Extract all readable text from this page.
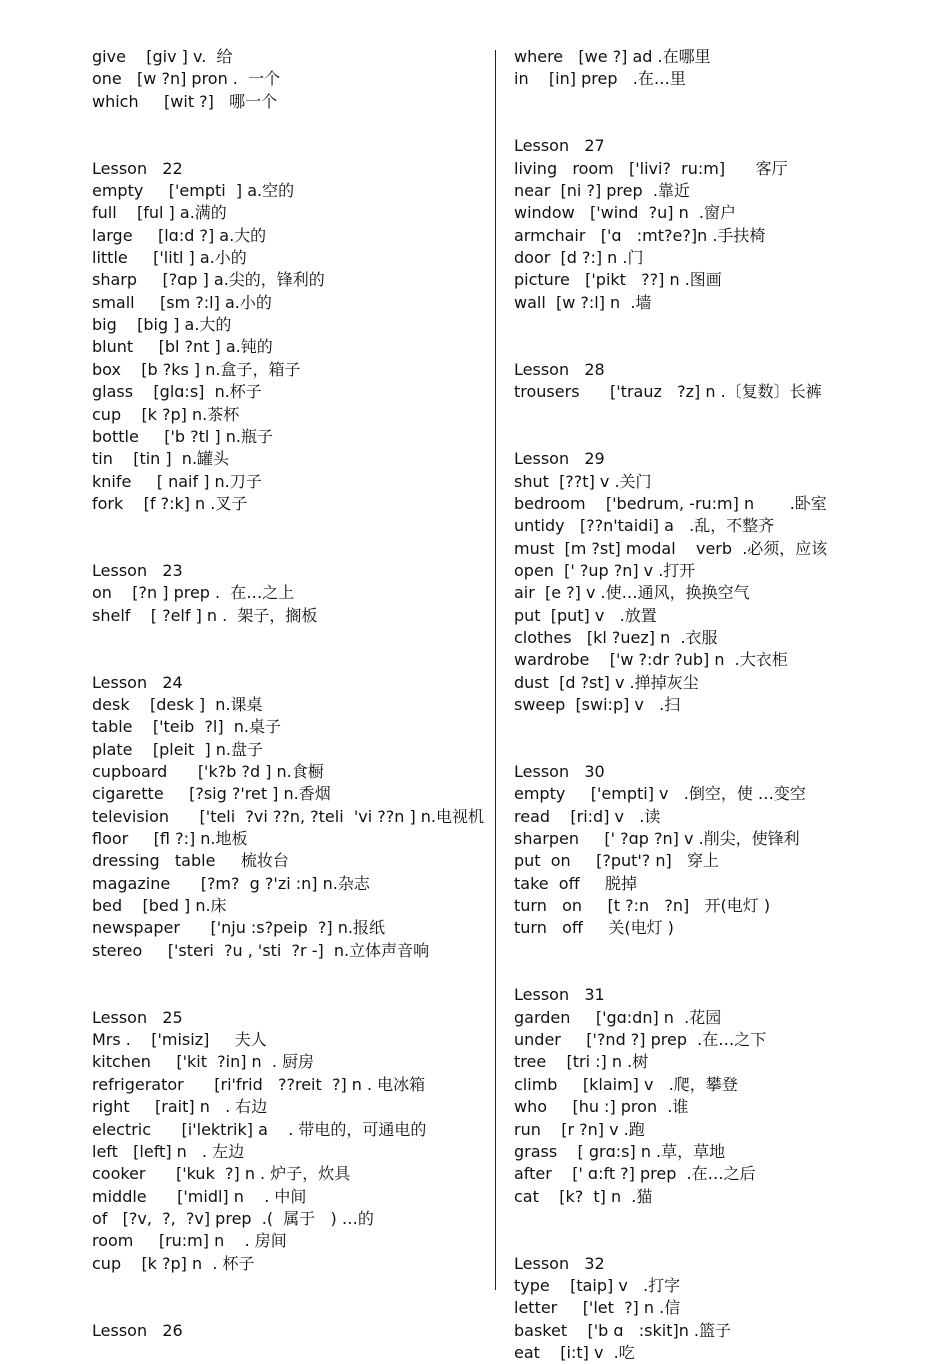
give    [giv ] v.  给
one   [w ?n] pron .  一个
which     [wit ?]   哪一个
Lesson   22
empty     ['empti  ] a.空的
full    [ful ] a.满的
large     [lɑ:d ?] a.大的
little     ['litl ] a.小的
sharp     [?ɑp ] a.尖的，锋利的
small     [sm ?:l] a.小的
big    [big ] a.大的
blunt     [bl ?nt ] a.钝的
box    [b ?ks ] n.盒子，箱子
glass    [glɑ:s]  n.杯子
cup    [k ?p] n.茶杯
bottle     ['b ?tl ] n.瓶子
tin    [tin ]  n.罐头
knife     [ naif ] n.刀子
fork    [f ?:k] n .叉子
Lesson   23
on    [?n ] prep .  在…之上
shelf    [ ?elf ] n .  架子，搁板
Lesson   24
desk    [desk ]  n.课桌
table    ['teib  ?l]  n.桌子
plate    [pleit  ] n.盘子
cupboard      ['k?b ?d ] n.食橱
cigarette     [?sig ?'ret ] n.香烟
television      ['teli  ?vi ??n, ?teli  'vi ??n ] n.电视机
floor     [fl ?:] n.地板
dressing   table     梳妆台
magazine      [?m?  g ?'zi :n] n.杂志
bed    [bed ] n.床
newspaper      ['nju :s?peip  ?] n.报纸
stereo     ['steri  ?u , 'sti  ?r -]  n.立体声音响
Lesson   25
Mrs .    ['misiz]     夫人
kitchen     ['kit  ?in] n  . 厨房
refrigerator      [ri'frid   ??reit  ?] n . 电冰箱
right     [rait] n   . 右边
electric      [i'lektrik] a    . 带电的，可通电的
left   [left] n   . 左边
cooker      ['kuk  ?] n . 炉子，炊具
middle      ['midl] n    . 中间
of   [?v,  ?,  ?v] prep  .(  属于   ) …的
room     [ru:m] n    . 房间
cup    [k ?p] n  . 杯子
Lesson   26
where   [we ?] ad .在哪里
in    [in] prep   .在…里
Lesson   27
living   room   ['livi?  ru:m]      客厅
near  [ni ?] prep  .靠近
window   ['wind  ?u] n  .窗户
armchair   ['ɑ   :mt?e?]n .手扶椅
door  [d ?:] n .门
picture   ['pikt   ??] n .图画
wall  [w ?:l] n  .墙
Lesson   28
trousers      ['trauz   ?z] n .〔复数〕长裤
Lesson   29
shut  [??t] v .关门
bedroom    ['bedrum, -ru:m] n       .卧室
untidy   [??n'taidi] a   .乱，不整齐
must  [m ?st] modal    verb  .必须，应该
open  [' ?up ?n] v .打开
air  [e ?] v .使…通风，换换空气
put  [put] v   .放置
clothes   [kl ?uez] n  .衣服
wardrobe    ['w ?:dr ?ub] n  .大衣柜
dust  [d ?st] v .掸掉灰尘
sweep  [swi:p] v   .扫
Lesson   30
empty     ['empti] v   .倒空，使 …变空
read    [ri:d] v   .读
sharpen     [' ?ɑp ?n] v .削尖，使锋利
put  on     [?put'? n]   穿上
take  off     脱掉
turn   on     [t ?:n   ?n]   开(电灯 )
turn   off     关(电灯 )
Lesson   31
garden     ['gɑ:dn] n  .花园
under     ['?nd ?] prep  .在…之下
tree    [tri :] n .树
climb     [klaim] v   .爬，攀登
who     [hu :] pron  .谁
run    [r ?n] v .跑
grass    [ grɑ:s] n .草，草地
after    [' ɑ:ft ?] prep  .在…之后
cat    [k?  t] n  .猫
Lesson   32
type    [taip] v   .打字
letter     ['let  ?] n .信
basket    ['b ɑ   :skit]n .篮子
eat    [i:t] v  .吃
